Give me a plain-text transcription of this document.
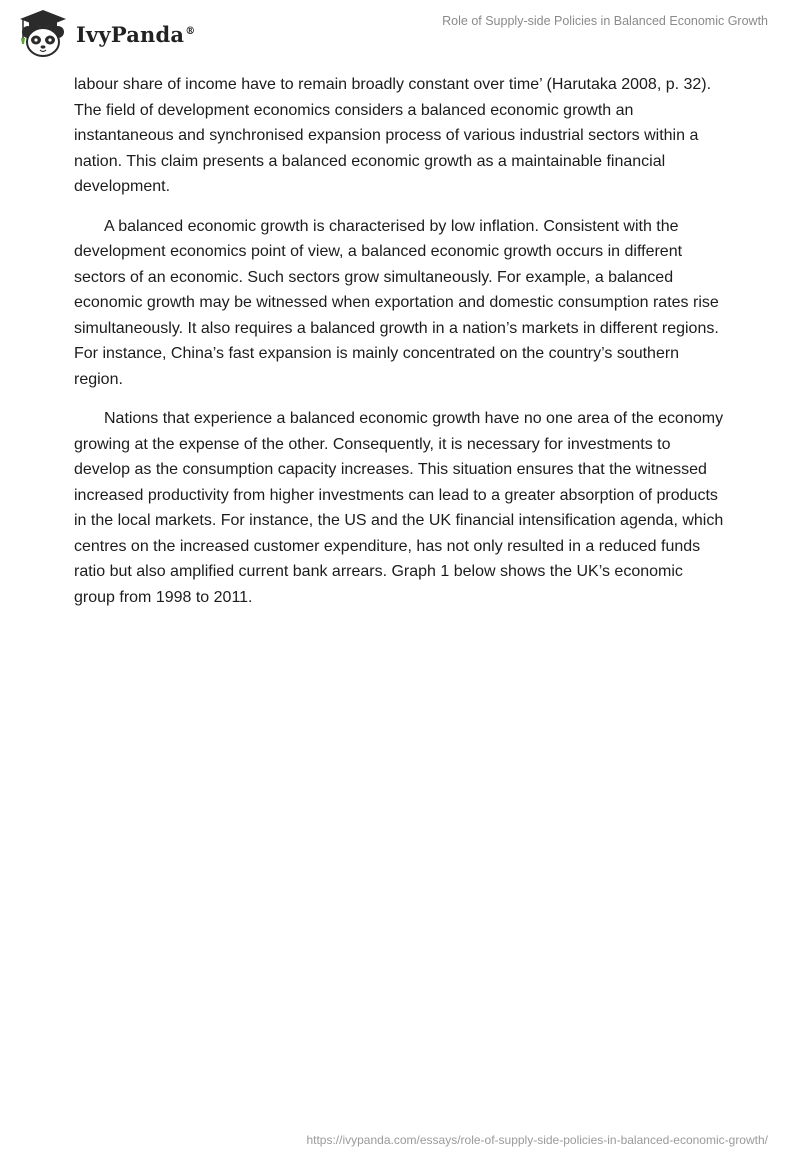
IvyPanda®
Role of Supply-side Policies in Balanced Economic Growth

labour share of income have to remain broadly constant over time’ (Harutaka 2008, p. 32). The field of development economics considers a balanced economic growth an instantaneous and synchronised expansion process of various industrial sectors within a nation. This claim presents a balanced economic growth as a maintainable financial development.

A balanced economic growth is characterised by low inflation. Consistent with the development economics point of view, a balanced economic growth occurs in different sectors of an economic. Such sectors grow simultaneously. For example, a balanced economic growth may be witnessed when exportation and domestic consumption rates rise simultaneously. It also requires a balanced growth in a nation’s markets in different regions. For instance, China’s fast expansion is mainly concentrated on the country’s southern region.

Nations that experience a balanced economic growth have no one area of the economy growing at the expense of the other. Consequently, it is necessary for investments to develop as the consumption capacity increases. This situation ensures that the witnessed increased productivity from higher investments can lead to a greater absorption of products in the local markets. For instance, the US and the UK financial intensification agenda, which centres on the increased customer expenditure, has not only resulted in a reduced funds ratio but also amplified current bank arrears. Graph 1 below shows the UK’s economic group from 1998 to 2011.

https://ivypanda.com/essays/role-of-supply-side-policies-in-balanced-economic-growth/
